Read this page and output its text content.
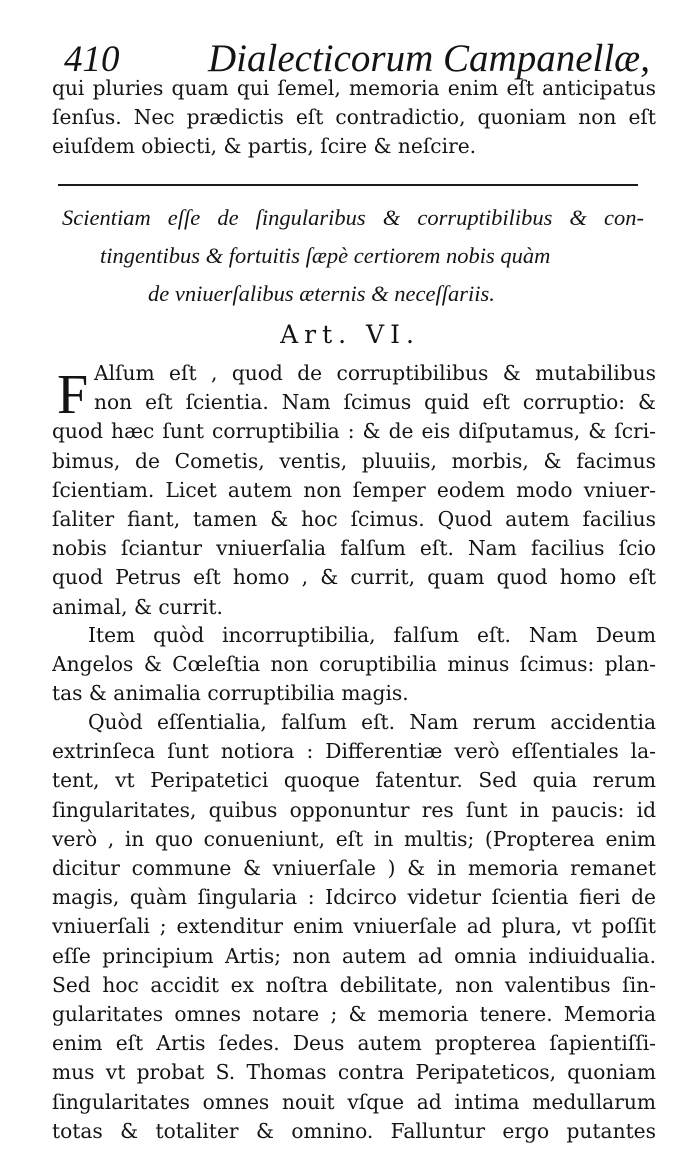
410 Dialecticorum Campanellæ,
qui pluries quam qui ſemel, memoria enim eſt anticipatus
ſenſus. Nec prædictis eſt contradictio, quoniam non eſt
eiuſdem obiecti, & partis, ſcire & neſcire.
Scientiam eſſe de ſingularibus & corruptibilibus & con-
tingentibus & fortuitis ſæpè certiorem nobis quàm
de vniuerſalibus æternis & neceſſariis.
Art. VI.
F Alſum eſt , quod de corruptibilibus & mutabilibus
non eſt ſcientia. Nam ſcimus quid eſt corruptio: &
quod hæc ſunt corruptibilia : & de eis diſputamus, & ſcri-
bimus, de Cometis, ventis, pluuiis, morbis, & facimus
ſcientiam. Licet autem non ſemper eodem modo vniuer-
ſaliter fiant, tamen & hoc ſcimus. Quod autem facilius
nobis ſciantur vniuerſalia falſum eſt. Nam facilius ſcio
quod Petrus eſt homo , & currit, quam quod homo eſt
animal, & currit.
Item quòd incorruptibilia, falſum eſt. Nam Deum
Angelos & Cœleſtia non coruptibilia minus ſcimus: plan-
tas & animalia corruptibilia magis.
Quòd eſſentialia, falſum eſt. Nam rerum accidentia
extrinſeca ſunt notiora : Differentiæ verò eſſentiales la-
tent, vt Peripatetici quoque fatentur. Sed quia rerum
ſingularitates, quibus opponuntur res ſunt in paucis: id
verò , in quo conueniunt, eſt in multis; (Propterea enim
dicitur commune & vniuerſale ) & in memoria remanet
magis, quàm ſingularia : Idcirco videtur ſcientia fieri de
vniuerſali ; extenditur enim vniuerſale ad plura, vt poſſit
eſſe principium Artis; non autem ad omnia indiuidualia.
Sed hoc accidit ex noſtra debilitate, non valentibus ſin-
gularitates omnes notare ; & memoria tenere. Memoria
enim eſt Artis ſedes. Deus autem propterea ſapientiſſi-
mus vt probat S. Thomas contra Peripateticos, quoniam
ſingularitates omnes nouit vſque ad intima medullarum
totas & totaliter & omnino. Falluntur ergo putantes
